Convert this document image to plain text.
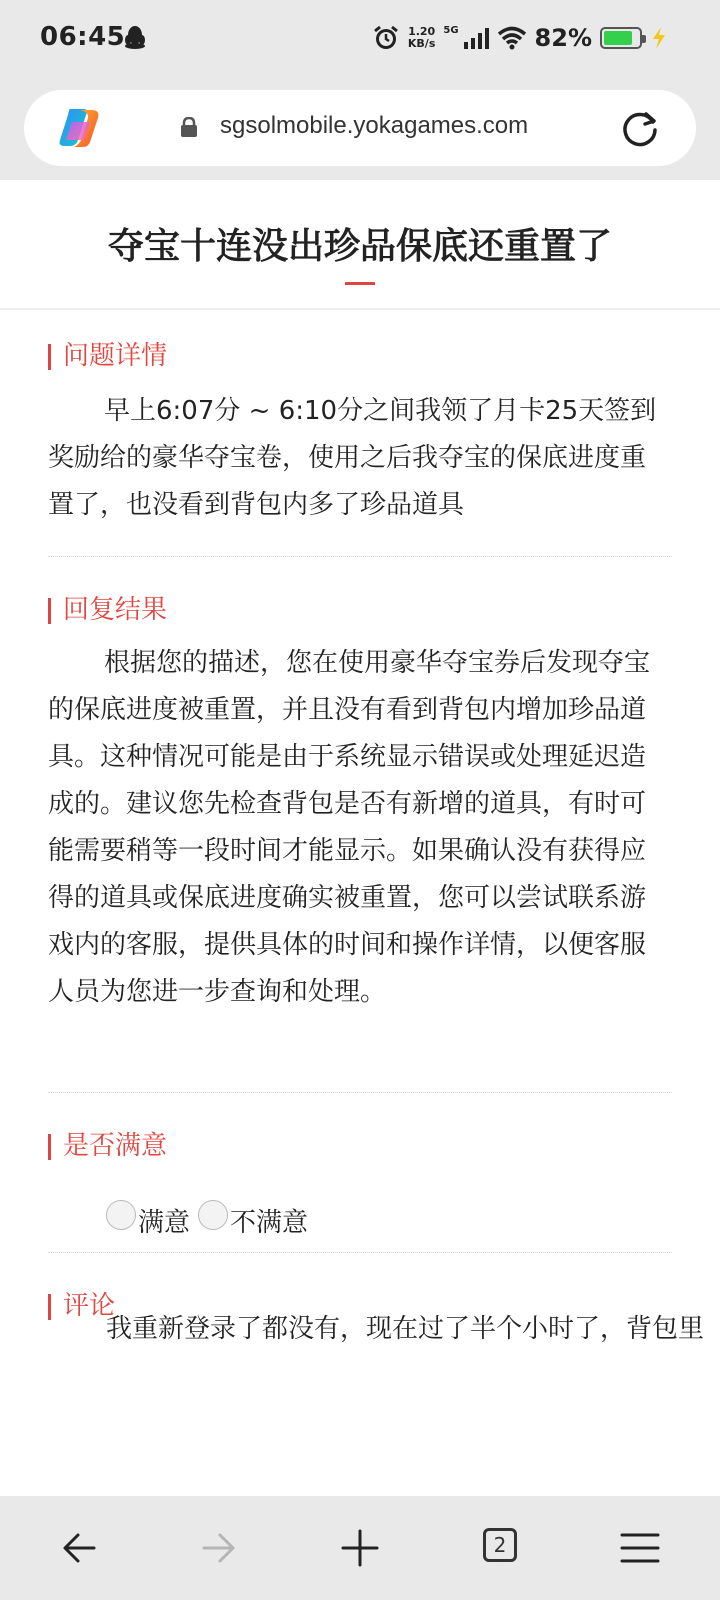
06:45	1.20
KB/s
5G	82%
sgsolmobile.yokagames.com
夺宝十连没出珍品保底还重置了
问题详情
早上6:07分 ~ 6:10分之间我领了月卡25天签到奖励给的豪华夺宝卷，使用之后我夺宝的保底进度重置了，也没看到背包内多了珍品道具
回复结果
根据您的描述，您在使用豪华夺宝券后发现夺宝的保底进度被重置，并且没有看到背包内增加珍品道具。这种情况可能是由于系统显示错误或处理延迟造成的。建议您先检查背包是否有新增的道具，有时可能需要稍等一段时间才能显示。如果确认没有获得应得的道具或保底进度确实被重置，您可以尝试联系游戏内的客服，提供具体的时间和操作详情，以便客服人员为您进一步查询和处理。
是否满意
满意 不满意
评论
我重新登录了都没有，现在过了半个小时了，背包里
2
